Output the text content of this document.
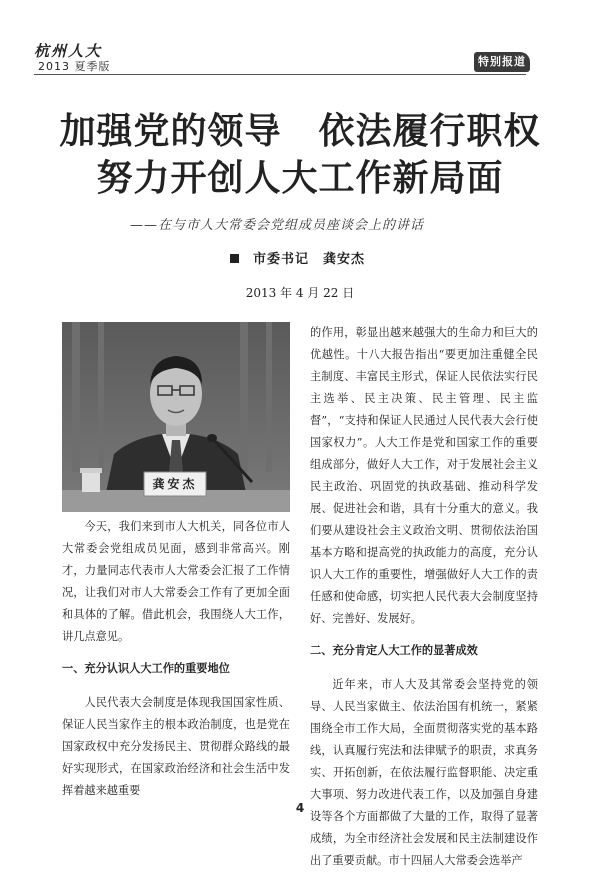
杭州人大
2013 夏季版	特别报道
加强党的领导　依法履行职权
努力开创人大工作新局面
——在与市人大常委会党组成员座谈会上的讲话
市委书记 龚安杰
2013 年 4 月 22 日
龚安杰

今天，我们来到市人大机关，同各位市人大常委会党组成员见面，感到非常高兴。刚才，力量同志代表市人大常委会汇报了工作情况，让我们对市人大常委会工作有了更加全面和具体的了解。借此机会，我围绕人大工作，讲几点意见。

一、充分认识人大工作的重要地位

人民代表大会制度是体现我国国家性质、保证人民当家作主的根本政治制度，也是党在国家政权中充分发扬民主、贯彻群众路线的最好实现形式，在国家政治经济和社会生活中发挥着越来越重要

的作用，彰显出越来越强大的生命力和巨大的优越性。十八大报告指出“要更加注重健全民主制度、丰富民主形式，保证人民依法实行民主选举、民主决策、民主管理、民主监督”，“支持和保证人民通过人民代表大会行使国家权力”。人大工作是党和国家工作的重要组成部分，做好人大工作，对于发展社会主义民主政治、巩固党的执政基础、推动科学发展、促进社会和谐，具有十分重大的意义。我们要从建设社会主义政治文明、贯彻依法治国基本方略和提高党的执政能力的高度，充分认识人大工作的重要性，增强做好人大工作的责任感和使命感，切实把人民代表大会制度坚持好、完善好、发展好。

二、充分肯定人大工作的显著成效

近年来，市人大及其常委会坚持党的领导、人民当家做主、依法治国有机统一，紧紧围绕全市工作大局，全面贯彻落实党的基本路线，认真履行宪法和法律赋予的职责，求真务实、开拓创新，在依法履行监督职能、决定重大事项、努力改进代表工作，以及加强自身建设等各个方面都做了大量的工作，取得了显著成绩，为全市经济社会发展和民主法制建设作出了重要贡献。市十四届人大常委会选举产

4
